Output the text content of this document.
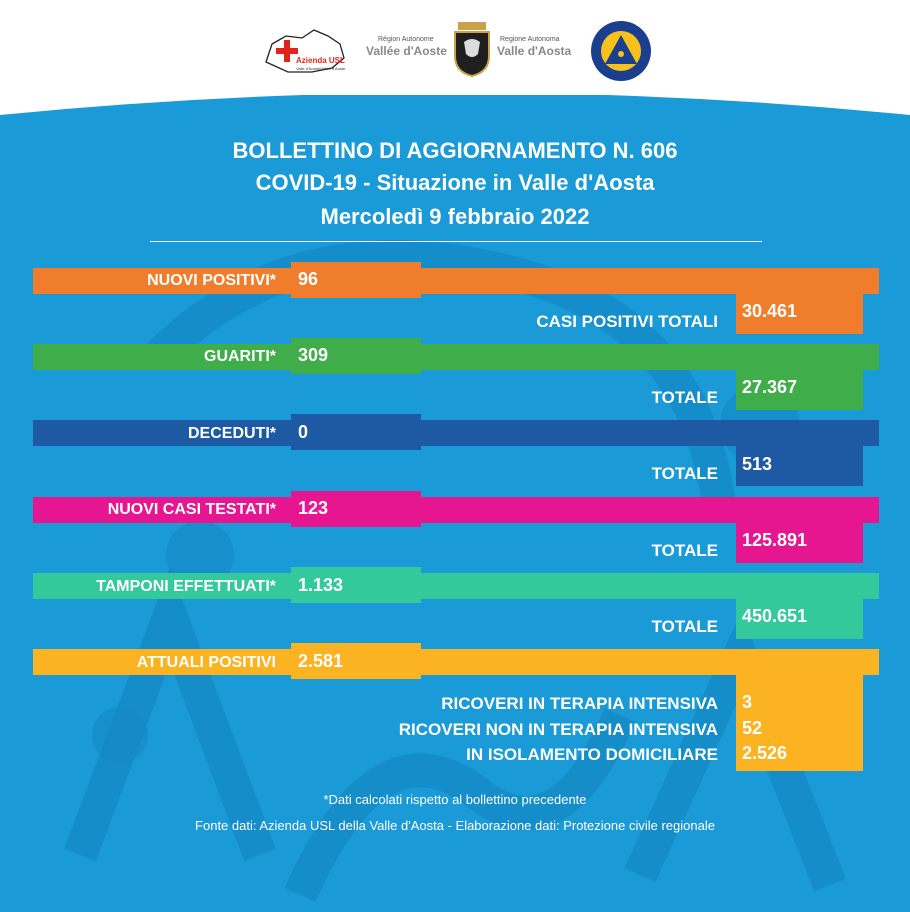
Azienda USL
Valle d'Aosta/Vallée d'Aoste
Région Autonome
Vallée d'Aoste
Regione Autonoma
Valle d'Aosta
BOLLETTINO DI AGGIORNAMENTO N. 606
COVID-19 - Situazione in Valle d'Aosta
Mercoledì 9 febbraio 2022
NUOVI POSITIVI* 96
CASI POSITIVI TOTALI
30.461
GUARITI* 309
TOTALE
27.367
DECEDUTI* 0
TOTALE 513
NUOVI CASI TESTATI* 123
TOTALE
125.891
TAMPONI EFFETTUATI* 1.133
TOTALE
450.651
ATTUALI POSITIVI 2.581
RICOVERI IN TERAPIA INTENSIVA 3
RICOVERI NON IN TERAPIA INTENSIVA 52
IN ISOLAMENTO DOMICILIARE 2.526
*Dati calcolati rispetto al bollettino precedente
Fonte dati: Azienda USL della Valle d'Aosta - Elaborazione dati: Protezione civile regionale
